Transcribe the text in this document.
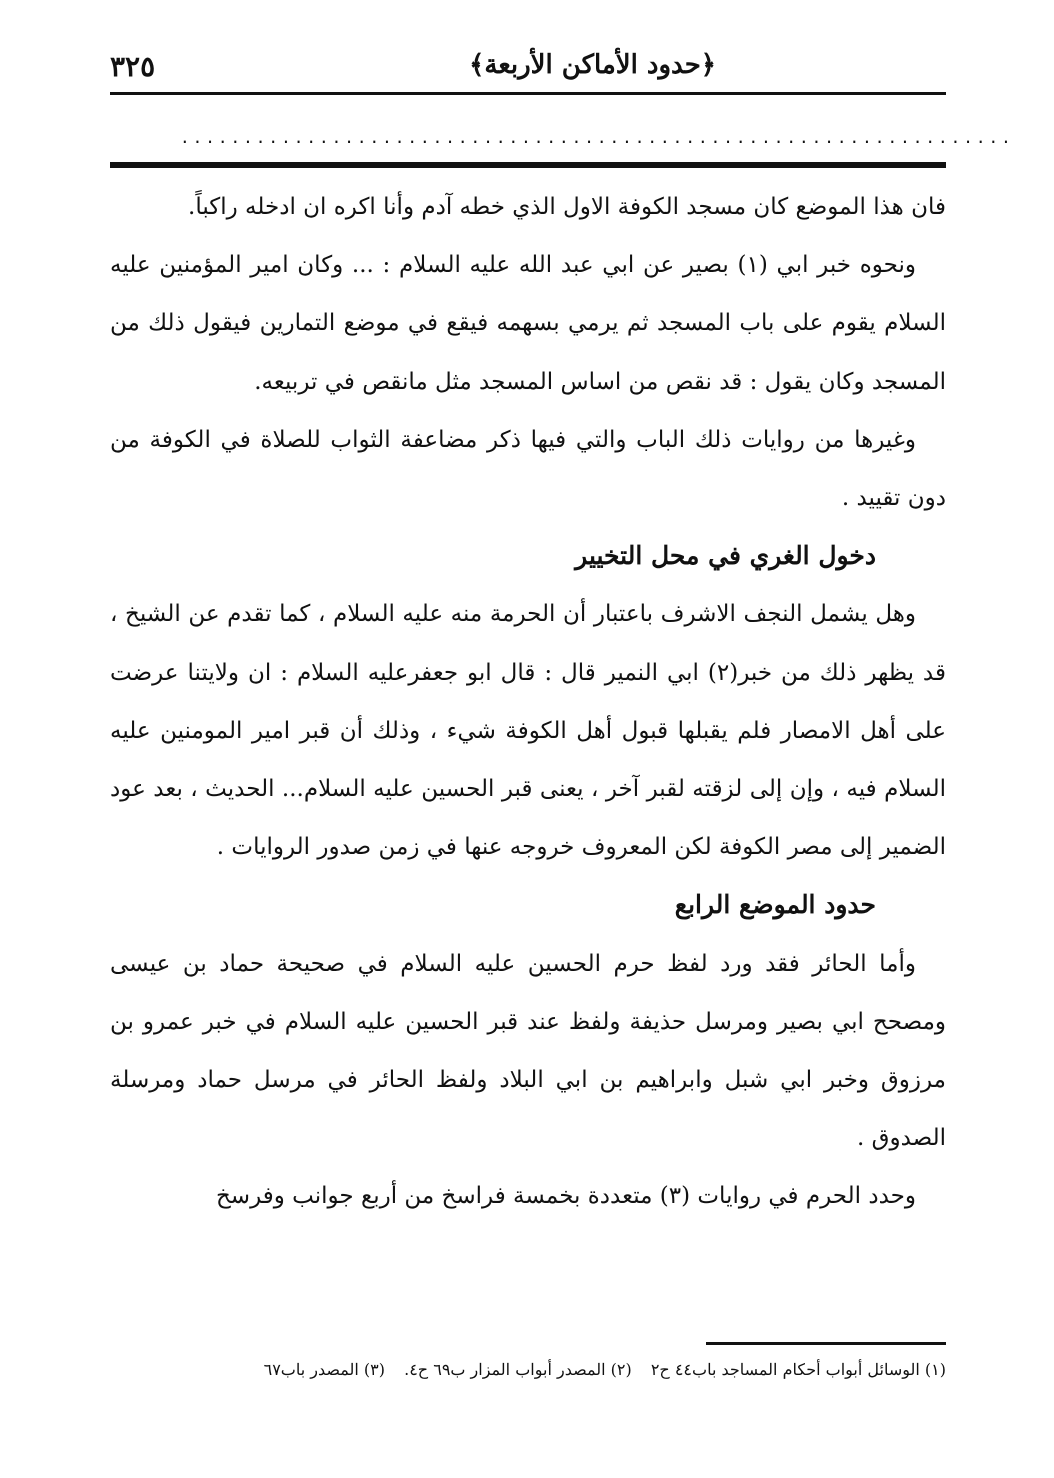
٣٢٥	﴿حدود الأماكن الأربعة﴾
..................................................................

فان هذا الموضع كان مسجد الكوفة الاول الذي خطه آدم وأنا اكره ان ادخله راكباً.

ونحوه خبر ابي (١) بصير عن ابي عبد الله عليه السلام : ... وكان امير المؤمنين عليه السلام يقوم على باب المسجد ثم يرمي بسهمه فيقع في موضع التمارين فيقول ذلك من المسجد وكان يقول : قد نقص من اساس المسجد مثل مانقص في تربيعه.

وغيرها من روايات ذلك الباب والتي فيها ذكر مضاعفة الثواب للصلاة في الكوفة من دون تقييد .

دخول الغري في محل التخيير

وهل يشمل النجف الاشرف باعتبار أن الحرمة منه عليه السلام ، كما تقدم عن الشيخ ، قد يظهر ذلك من خبر(٢) ابي النمير قال : قال ابو جعفرعليه السلام : ان ولايتنا عرضت على أهل الامصار فلم يقبلها قبول أهل الكوفة شيء ، وذلك أن قبر امير المومنين عليه السلام فيه ، وإن إلى لزقته لقبر آخر ، يعنى قبر الحسين عليه السلام... الحديث ، بعد عود الضمير إلى مصر الكوفة لكن المعروف خروجه عنها في زمن صدور الروايات .

حدود الموضع الرابع

وأما الحائر فقد ورد لفظ حرم الحسين عليه السلام في صحيحة حماد بن عيسى ومصحح ابي بصير ومرسل حذيفة ولفظ عند قبر الحسين عليه السلام في خبر عمرو بن مرزوق وخبر ابي شبل وابراهيم بن ابي البلاد ولفظ الحائر في مرسل حماد ومرسلة الصدوق .

وحدد الحرم في روايات (٣) متعددة بخمسة فراسخ من أربع جوانب وفرسخ

(١) الوسائل أبواب أحكام المساجد باب٤٤ ح٢ (٢) المصدر أبواب المزار ب٦٩ ح٤. (٣) المصدر باب٦٧
